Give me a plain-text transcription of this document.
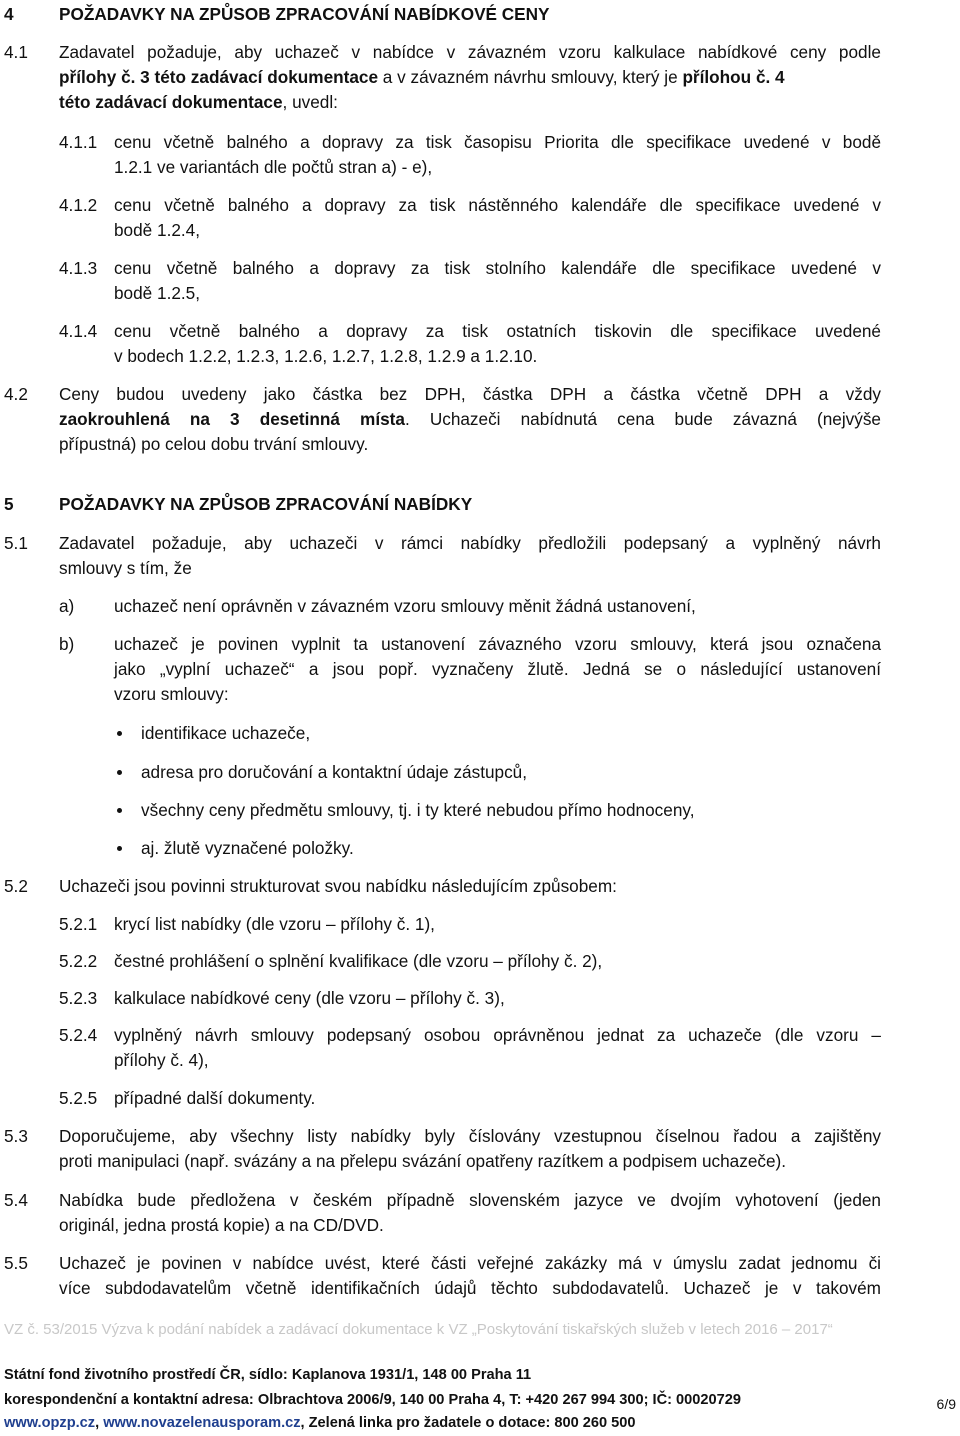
4	POŽADAVKY NA ZPŮSOB ZPRACOVÁNÍ NABÍDKOVÉ CENY
4.1 Zadavatel požaduje, aby uchazeč v nabídce v závazném vzoru kalkulace nabídkové ceny podle
přílohy č. 3 této zadávací dokumentace a v závazném návrhu smlouvy, který je přílohou č. 4
této zadávací dokumentace, uvedl:
4.1.1 cenu včetně balného a dopravy za tisk časopisu Priorita dle specifikace uvedené v bodě
1.2.1 ve variantách dle počtů stran a) - e),
4.1.2 cenu včetně balného a dopravy za tisk nástěnného kalendáře dle specifikace uvedené v
bodě 1.2.4,
4.1.3 cenu včetně balného a dopravy za tisk stolního kalendáře dle specifikace uvedené v
bodě 1.2.5,
4.1.4 cenu včetně balného a dopravy za tisk ostatních tiskovin dle specifikace uvedené
v bodech 1.2.2, 1.2.3, 1.2.6, 1.2.7, 1.2.8, 1.2.9 a 1.2.10.
4.2 Ceny budou uvedeny jako částka bez DPH, částka DPH a částka včetně DPH a vždy
zaokrouhlená na 3 desetinná místa. Uchazeči nabídnutá cena bude závazná (nejvýše
přípustná) po celou dobu trvání smlouvy.
5	POŽADAVKY NA ZPŮSOB ZPRACOVÁNÍ NABÍDKY
5.1 Zadavatel požaduje, aby uchazeči v rámci nabídky předložili podepsaný a vyplněný návrh
smlouvy s tím, že
a) uchazeč není oprávněn v závazném vzoru smlouvy měnit žádná ustanovení,
b) uchazeč je povinen vyplnit ta ustanovení závazného vzoru smlouvy, která jsou označena
jako „vyplní uchazeč“ a jsou popř. vyznačeny žlutě. Jedná se o následující ustanovení
vzoru smlouvy:
identifikace uchazeče,
adresa pro doručování a kontaktní údaje zástupců,
všechny ceny předmětu smlouvy, tj. i ty které nebudou přímo hodnoceny,
aj. žlutě vyznačené položky.
5.2 Uchazeči jsou povinni strukturovat svou nabídku následujícím způsobem:
5.2.1 krycí list nabídky (dle vzoru – přílohy č. 1),
5.2.2 čestné prohlášení o splnění kvalifikace (dle vzoru – přílohy č. 2),
5.2.3 kalkulace nabídkové ceny (dle vzoru – přílohy č. 3),
5.2.4 vyplněný návrh smlouvy podepsaný osobou oprávněnou jednat za uchazeče (dle vzoru –
přílohy č. 4),
5.2.5 případné další dokumenty.
5.3 Doporučujeme, aby všechny listy nabídky byly číslovány vzestupnou číselnou řadou a zajištěny
proti manipulaci (např. svázány a na přelepu svázání opatřeny razítkem a podpisem uchazeče).
5.4 Nabídka bude předložena v českém případně slovenském jazyce ve dvojím vyhotovení (jeden
originál, jedna prostá kopie) a na CD/DVD.
5.5 Uchazeč je povinen v nabídce uvést, které části veřejné zakázky má v úmyslu zadat jednomu či
více subdodavatelům včetně identifikačních údajů těchto subdodavatelů. Uchazeč je v takovém
VZ č. 53/2015 Výzva k podání nabídek a zadávací dokumentace k VZ „Poskytování tiskařských služeb v letech 2016 – 2017“
Státní fond životního prostředí ČR, sídlo: Kaplanova 1931/1, 148 00 Praha 11
korespondenční a kontaktní adresa: Olbrachtova 2006/9, 140 00 Praha 4, T: +420 267 994 300; IČ: 00020729
www.opzp.cz, www.novazelenausporam.cz, Zelená linka pro žadatele o dotace: 800 260 500
6/9
